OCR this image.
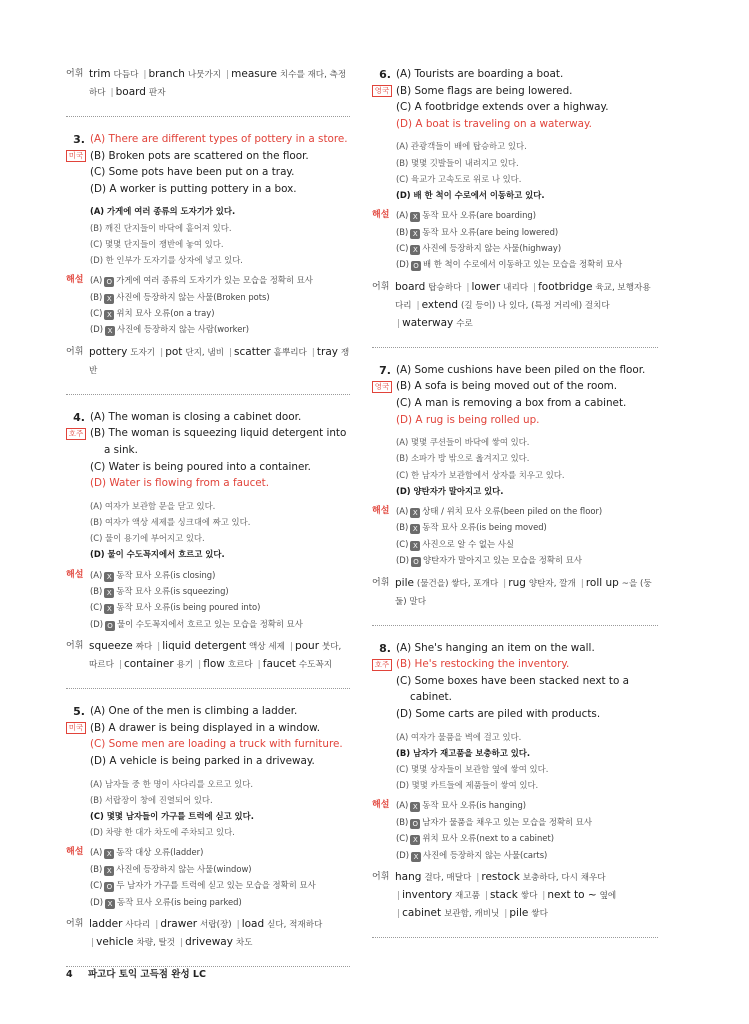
어휘 trim 다듬다 | branch 나뭇가지 | measure 치수를 재다, 측정하다 | board 판자
3. (A) There are different types of pottery in a store.
(B) Broken pots are scattered on the floor.
(C) Some pots have been put on a tray.
(D) A worker is putting pottery in a box.
미국
(A) 가게에 여러 종류의 도자기가 있다.
(B) 깨진 단지들이 바닥에 흩어져 있다.
(C) 몇몇 단지들이 쟁반에 놓여 있다.
(D) 한 인부가 도자기를 상자에 넣고 있다.
해설 (A) O 가게에 여러 종류의 도자기가 있는 모습을 정확히 묘사
(B) X 사진에 등장하지 않는 사물(Broken pots)
(C) X 위치 묘사 오류(on a tray)
(D) X 사진에 등장하지 않는 사람(worker)
어휘 pottery 도자기 | pot 단지, 냄비 | scatter 흩뿌리다 | tray 쟁반
4. (A) The woman is closing a cabinet door.
(B) The woman is squeezing liquid detergent into a sink.
(C) Water is being poured into a container.
(D) Water is flowing from a faucet.
호주
(A) 여자가 보관함 문을 닫고 있다.
(B) 여자가 액상 세제를 싱크대에 짜고 있다.
(C) 물이 용기에 부어지고 있다.
(D) 물이 수도꼭지에서 흐르고 있다.
해설 (A) X 동작 묘사 오류(is closing)
(B) X 동작 묘사 오류(is squeezing)
(C) X 동작 묘사 오류(is being poured into)
(D) O 물이 수도꼭지에서 흐르고 있는 모습을 정확히 묘사
어휘 squeeze 짜다 | liquid detergent 액상 세제 | pour 붓다, 따르다 | container 용기 | flow 흐르다 | faucet 수도꼭지
5. (A) One of the men is climbing a ladder.
(B) A drawer is being displayed in a window.
(C) Some men are loading a truck with furniture.
(D) A vehicle is being parked in a driveway.
미국
(A) 남자들 중 한 명이 사다리를 오르고 있다.
(B) 서랍장이 창에 진열되어 있다.
(C) 몇몇 남자들이 가구를 트럭에 싣고 있다.
(D) 차량 한 대가 차도에 주차되고 있다.
해설 (A) X 동작 대상 오류(ladder)
(B) X 사진에 등장하지 않는 사물(window)
(C) O 두 남자가 가구를 트럭에 싣고 있는 모습을 정확히 묘사
(D) X 동작 묘사 오류(is being parked)
어휘 ladder 사다리 | drawer 서랍(장) | load 싣다, 적재하다 | vehicle 차량, 탈것 | driveway 차도
6. (A) Tourists are boarding a boat.
(B) Some flags are being lowered.
(C) A footbridge extends over a highway.
(D) A boat is traveling on a waterway.
영국
(A) 관광객들이 배에 탑승하고 있다.
(B) 몇몇 깃발들이 내려지고 있다.
(C) 육교가 고속도로 위로 나 있다.
(D) 배 한 척이 수로에서 이동하고 있다.
해설 (A) X 동작 묘사 오류(are boarding)
(B) X 동작 묘사 오류(are being lowered)
(C) X 사진에 등장하지 않는 사물(highway)
(D) O 배 한 척이 수로에서 이동하고 있는 모습을 정확히 묘사
어휘 board 탑승하다 | lower 내리다 | footbridge 육교, 보행자용 다리 | extend (길 등이) 나 있다, (특정 거리에) 걸치다 | waterway 수로
7. (A) Some cushions have been piled on the floor.
(B) A sofa is being moved out of the room.
(C) A man is removing a box from a cabinet.
(D) A rug is being rolled up.
영국
(A) 몇몇 쿠션들이 바닥에 쌓여 있다.
(B) 소파가 방 밖으로 옮겨지고 있다.
(C) 한 남자가 보관함에서 상자를 치우고 있다.
(D) 양탄자가 말아지고 있다.
해설 (A) X 상태 / 위치 묘사 오류(been piled on the floor)
(B) X 동작 묘사 오류(is being moved)
(C) X 사진으로 알 수 없는 사실
(D) O 양탄자가 말아지고 있는 모습을 정확히 묘사
어휘 pile (물건을) 쌓다, 포개다 | rug 양탄자, 깔개 | roll up ~을 (둥둘) 말다
8. (A) She's hanging an item on the wall.
(B) He's restocking the inventory.
(C) Some boxes have been stacked next to a cabinet.
(D) Some carts are piled with products.
호주
(A) 여자가 물품을 벽에 걸고 있다.
(B) 남자가 재고품을 보충하고 있다.
(C) 몇몇 상자들이 보관함 옆에 쌓여 있다.
(D) 몇몇 카트들에 제품들이 쌓여 있다.
해설 (A) X 동작 묘사 오류(is hanging)
(B) O 남자가 물품을 채우고 있는 모습을 정확히 묘사
(C) X 위치 묘사 오류(next to a cabinet)
(D) X 사진에 등장하지 않는 사물(carts)
어휘 hang 걸다, 매달다 | restock 보충하다, 다시 채우다 | inventory 재고품 | stack 쌓다 | next to ~ 옆에 | cabinet 보관함, 캐비닛 | pile 쌓다
4 파고다 토익 고득점 완성 LC
